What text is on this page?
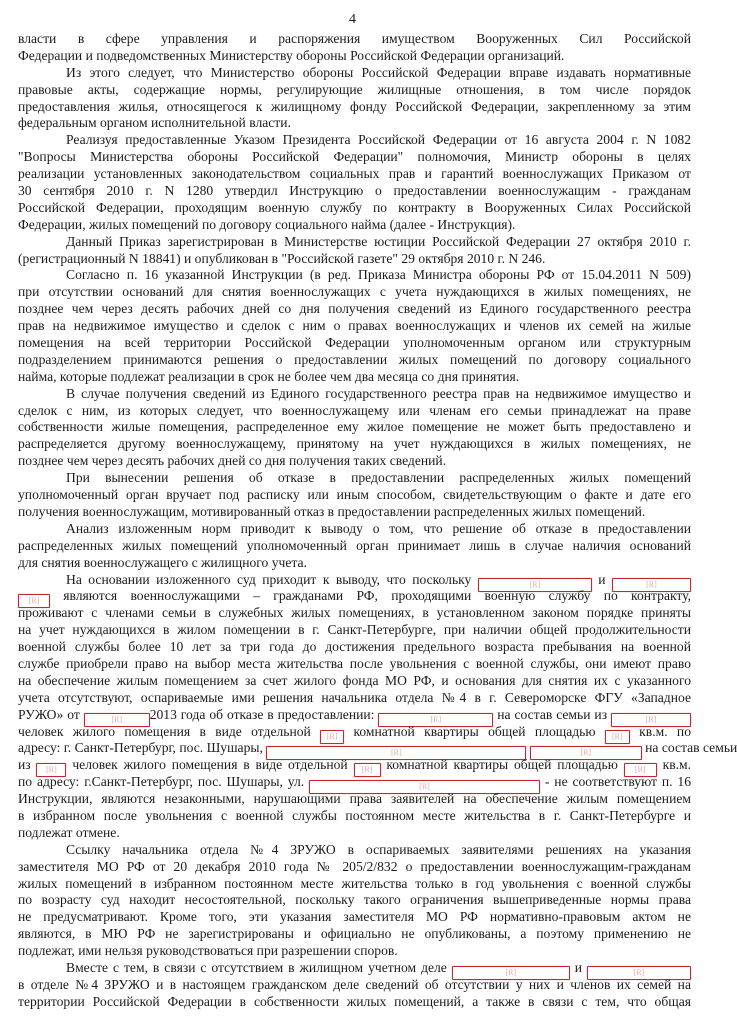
4
власти в сфере управления и распоряжения имуществом Вооруженных Сил Российской
Федерации и подведомственных Министерству обороны Российской Федерации организаций.
Из этого следует, что Министерство обороны Российской Федерации вправе издавать нормативные
правовые акты, содержащие нормы, регулирующие жилищные отношения, в том числе порядок
предоставления жилья, относящегося к жилищному фонду Российской Федерации, закрепленному за этим
федеральным органом исполнительной власти.
Реализуя предоставленные Указом Президента Российской Федерации от 16 августа 2004 г. N 1082
"Вопросы Министерства обороны Российской Федерации" полномочия, Министр обороны в целях
реализации установленных законодательством социальных прав и гарантий военнослужащих Приказом от
30 сентября 2010 г. N 1280 утвердил Инструкцию о предоставлении военнослужащим - гражданам
Российской Федерации, проходящим военную службу по контракту в Вооруженных Силах Российской
Федерации, жилых помещений по договору социального найма (далее - Инструкция).
Данный Приказ зарегистрирован в Министерстве юстиции Российской Федерации 27 октября 2010 г.
(регистрационный N 18841) и опубликован в "Российской газете" 29 октября 2010 г. N 246.
Согласно п. 16 указанной Инструкции (в ред. Приказа Министра обороны РФ от 15.04.2011 N 509)
при отсутствии оснований для снятия военнослужащих с учета нуждающихся в жилых помещениях, не
позднее чем через десять рабочих дней со дня получения сведений из Единого государственного реестра
прав на недвижимое имущество и сделок с ним о правах военнослужащих и членов их семей на жилые
помещения на всей территории Российской Федерации уполномоченным органом или структурным
подразделением принимаются решения о предоставлении жилых помещений по договору социального
найма, которые подлежат реализации в срок не более чем два месяца со дня принятия.
В случае получения сведений из Единого государственного реестра прав на недвижимое имущество и
сделок с ним, из которых следует, что военнослужащему или членам его семьи принадлежат на праве
собственности жилые помещения, распределенное ему жилое помещение не может быть предоставлено и
распределяется другому военнослужащему, принятому на учет нуждающихся в жилых помещениях, не
позднее чем через десять рабочих дней со дня получения таких сведений.
При вынесении решения об отказе в предоставлении распределенных жилых помещений
уполномоченный орган вручает под расписку или иным способом, свидетельствующим о факте и дате его
получения военнослужащим, мотивированный отказ в предоставлении распределенных жилых помещений.
Анализ изложенным норм приводит к выводу о том, что решение об отказе в предоставлении
распределенных жилых помещений уполномоченный орган принимает лишь в случае наличия оснований
для снятия военнослужащего с жилищного учета.
На основании изложенного суд приходит к выводу, что поскольку	[R]	и	[R]
[R] являются военнослужащими – гражданами РФ, проходящими военную службу по контракту,
проживают с членами семьи в служебных жилых помещениях, в установленном законом порядке приняты
на учет нуждающихся в жилом помещении в г. Санкт-Петербурге, при наличии общей продолжительности
военной службы более 10 лет за три года до достижения предельного возраста пребывания на военной
службе приобрели право на выбор места жительства после увольнения с военной службы, они имеют право
на обеспечение жилым помещением за счет жилого фонда МО РФ, и основания для снятия их с указанного
учета отсутствуют, оспариваемые ими решения начальника отдела №4 в г. Североморске ФГУ «Западное
РУЖО» от	[R] 2013 года об отказе в предоставлении:	[R]	на состав семьи из	[R]
человек жилого помещения в виде отдельной [R] комнатной квартиры общей площадью [R] кв.м. по
адресу: г. Санкт-Петербург, пос. Шушары,	[R]	[R]	на состав семьи
из [R] человек жилого помещения в виде отдельной [R] комнатной квартиры общей площадью [R] кв.м.
по адресу: г.Санкт-Петербург, пос. Шушары, ул.	[R]	- не соответствуют п. 16
Инструкции, являются незаконными, нарушающими права заявителей на обеспечение жилым помещением
в избранном после увольнения с военной службы постоянном месте жительства в г. Санкт-Петербурге и
подлежат отмене.
Ссылку начальника отдела №4 ЗРУЖО в оспариваемых заявителями решениях на указания
заместителя МО РФ от 20 декабря 2010 года № 205/2/832 о предоставлении военнослужащим-гражданам
жилых помещений в избранном постоянном месте жительства только в год увольнения с военной службы
по возрасту суд находит несостоятельной, поскольку такого ограничения вышеприведенные нормы права
не предусматривают. Кроме того, эти указания заместителя МО РФ нормативно-правовым актом не
являются, в МЮ РФ не зарегистрированы и официально не опубликованы, а поэтому применению не
подлежат, ими нельзя руководствоваться при разрешении споров.
Вместе с тем, в связи с отсутствием в жилищном учетном деле	[R]	и	[R]
в отделе №4 ЗРУЖО и в настоящем гражданском деле сведений об отсутствии у них и членов их семей на
территории Российской Федерации в собственности жилых помещений, а также в связи с тем, что общая
